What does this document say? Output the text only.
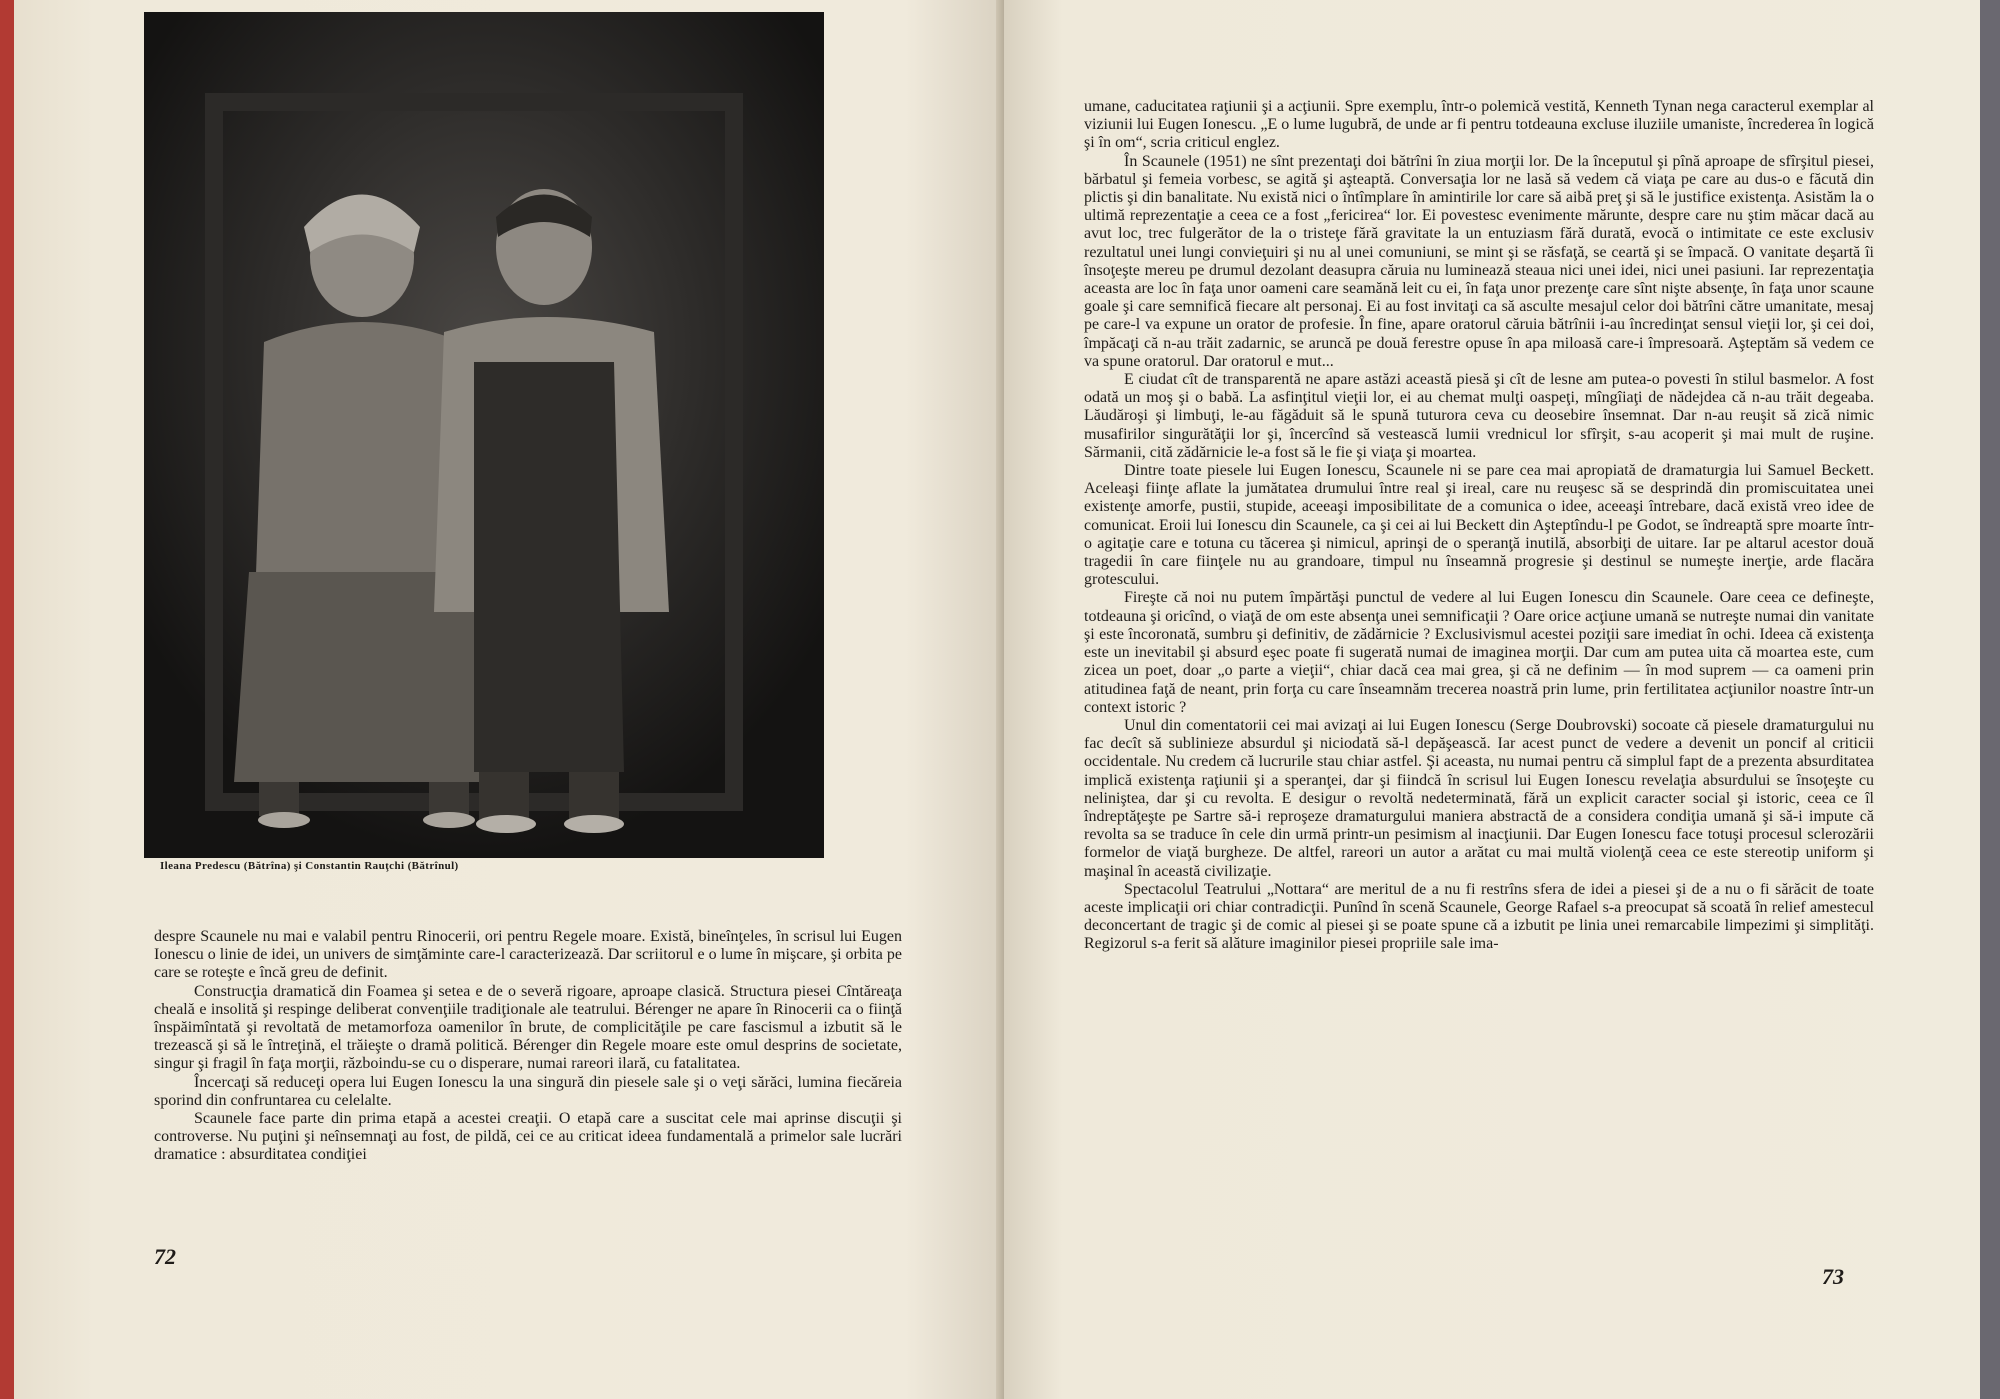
Ileana Predescu (Bătrîna) şi Constantin Rauţchi (Bătrînul)

despre Scaunele nu mai e valabil pentru Rinocerii, ori pentru Regele moare. Există, bineînţeles, în scrisul lui Eugen Ionescu o linie de idei, un univers de simţăminte care-l caracterizează. Dar scriitorul e o lume în mişcare, şi orbita pe care se roteşte e încă greu de definit.

Construcţia dramatică din Foamea şi setea e de o severă rigoare, aproape clasică. Structura piesei Cîntăreaţa cheală e insolită şi respinge deliberat convenţiile tradiţionale ale teatrului. Bérenger ne apare în Rinocerii ca o fiinţă înspăimîntată şi revoltată de metamorfoza oamenilor în brute, de complicităţile pe care fascismul a izbutit să le trezească şi să le întreţină, el trăieşte o dramă politică. Bérenger din Regele moare este omul desprins de societate, singur şi fragil în faţa morţii, războindu-se cu o disperare, numai rareori ilară, cu fatalitatea.

Încercaţi să reduceţi opera lui Eugen Ionescu la una singură din piesele sale şi o veţi sărăci, lumina fiecăreia sporind din confruntarea cu celelalte.

Scaunele face parte din prima etapă a acestei creaţii. O etapă care a suscitat cele mai aprinse discuţii şi controverse. Nu puţini şi neînsemnaţi au fost, de pildă, cei ce au criticat ideea fundamentală a primelor sale lucrări dramatice : absurditatea condiţiei

72

umane, caducitatea raţiunii şi a acţiunii. Spre exemplu, într-o polemică vestită, Kenneth Tynan nega caracterul exemplar al viziunii lui Eugen Ionescu. „E o lume lugubră, de unde ar fi pentru totdeauna excluse iluziile umaniste, încrederea în logică şi în om“, scria criticul englez.

În Scaunele (1951) ne sînt prezentaţi doi bătrîni în ziua morţii lor. De la începutul şi pînă aproape de sfîrşitul piesei, bărbatul şi femeia vorbesc, se agită şi aşteaptă. Conversaţia lor ne lasă să vedem că viaţa pe care au dus-o e făcută din plictis şi din banalitate. Nu există nici o întîmplare în amintirile lor care să aibă preţ şi să le justifice existenţa. Asistăm la o ultimă reprezentaţie a ceea ce a fost „fericirea“ lor. Ei povestesc evenimente mărunte, despre care nu ştim măcar dacă au avut loc, trec fulgerător de la o tristeţe fără gravitate la un entuziasm fără durată, evocă o intimitate ce este exclusiv rezultatul unei lungi convieţuiri şi nu al unei comuniuni, se mint şi se răsfaţă, se ceartă şi se împacă. O vanitate deşartă îi însoţeşte mereu pe drumul dezolant deasupra căruia nu luminează steaua nici unei idei, nici unei pasiuni. Iar reprezentaţia aceasta are loc în faţa unor oameni care seamănă leit cu ei, în faţa unor prezenţe care sînt nişte absenţe, în faţa unor scaune goale şi care semnifică fiecare alt personaj. Ei au fost invitaţi ca să asculte mesajul celor doi bătrîni către umanitate, mesaj pe care-l va expune un orator de profesie. În fine, apare oratorul căruia bătrînii i-au încredinţat sensul vieţii lor, şi cei doi, împăcaţi că n-au trăit zadarnic, se aruncă pe două ferestre opuse în apa miloasă care-i împresoară. Aşteptăm să vedem ce va spune oratorul. Dar oratorul e mut...

E ciudat cît de transparentă ne apare astăzi această piesă şi cît de lesne am putea-o povesti în stilul basmelor. A fost odată un moş şi o babă. La asfinţitul vieţii lor, ei au chemat mulţi oaspeţi, mîngîiaţi de nădejdea că n-au trăit degeaba. Lăudăroşi şi limbuţi, le-au făgăduit să le spună tuturora ceva cu deosebire însemnat. Dar n-au reuşit să zică nimic musafirilor singurătăţii lor şi, încercînd să vestească lumii vrednicul lor sfîrşit, s-au acoperit şi mai mult de ruşine. Sărmanii, cită zădărnicie le-a fost să le fie şi viaţa şi moartea.

Dintre toate piesele lui Eugen Ionescu, Scaunele ni se pare cea mai apropiată de dramaturgia lui Samuel Beckett. Aceleaşi fiinţe aflate la jumătatea drumului între real şi ireal, care nu reuşesc să se desprindă din promiscuitatea unei existenţe amorfe, pustii, stupide, aceeaşi imposibilitate de a comunica o idee, aceeaşi întrebare, dacă există vreo idee de comunicat. Eroii lui Ionescu din Scaunele, ca şi cei ai lui Beckett din Aşteptîndu-l pe Godot, se îndreaptă spre moarte într-o agitaţie care e totuna cu tăcerea şi nimicul, aprinşi de o speranţă inutilă, absorbiţi de uitare. Iar pe altarul acestor două tragedii în care fiinţele nu au grandoare, timpul nu înseamnă progresie şi destinul se numeşte inerţie, arde flacăra grotescului.

Fireşte că noi nu putem împărtăşi punctul de vedere al lui Eugen Ionescu din Scaunele. Oare ceea ce defineşte, totdeauna şi oricînd, o viaţă de om este absenţa unei semnificaţii ? Oare orice acţiune umană se nutreşte numai din vanitate şi este încoronată, sumbru şi definitiv, de zădărnicie ? Exclusivismul acestei poziţii sare imediat în ochi. Ideea că existenţa este un inevitabil şi absurd eşec poate fi sugerată numai de imaginea morţii. Dar cum am putea uita că moartea este, cum zicea un poet, doar „o parte a vieţii“, chiar dacă cea mai grea, şi că ne definim — în mod suprem — ca oameni prin atitudinea faţă de neant, prin forţa cu care înseamnăm trecerea noastră prin lume, prin fertilitatea acţiunilor noastre într-un context istoric ?

Unul din comentatorii cei mai avizaţi ai lui Eugen Ionescu (Serge Doubrovski) socoate că piesele dramaturgului nu fac decît să sublinieze absurdul şi niciodată să-l depăşească. Iar acest punct de vedere a devenit un poncif al criticii occidentale. Nu credem că lucrurile stau chiar astfel. Şi aceasta, nu numai pentru că simplul fapt de a prezenta absurditatea implică existenţa raţiunii şi a speranţei, dar şi fiindcă în scrisul lui Eugen Ionescu revelaţia absurdului se însoţeşte cu neliniştea, dar şi cu revolta. E desigur o revoltă nedeterminată, fără un explicit caracter social şi istoric, ceea ce îl îndreptăţeşte pe Sartre să-i reproşeze dramaturgului maniera abstractă de a considera condiţia umană şi să-i impute că revolta sa se traduce în cele din urmă printr-un pesimism al inacţiunii. Dar Eugen Ionescu face totuşi procesul sclerozării formelor de viaţă burgheze. De altfel, rareori un autor a arătat cu mai multă violenţă ceea ce este stereotip uniform şi maşinal în această civilizaţie.

Spectacolul Teatrului „Nottara“ are meritul de a nu fi restrîns sfera de idei a piesei şi de a nu o fi sărăcit de toate aceste implicaţii ori chiar contradicţii. Punînd în scenă Scaunele, George Rafael s-a preocupat să scoată în relief amestecul deconcertant de tragic şi de comic al piesei şi se poate spune că a izbutit pe linia unei remarcabile limpezimi şi simplităţi. Regizorul s-a ferit să alăture imaginilor piesei propriile sale ima-

73
